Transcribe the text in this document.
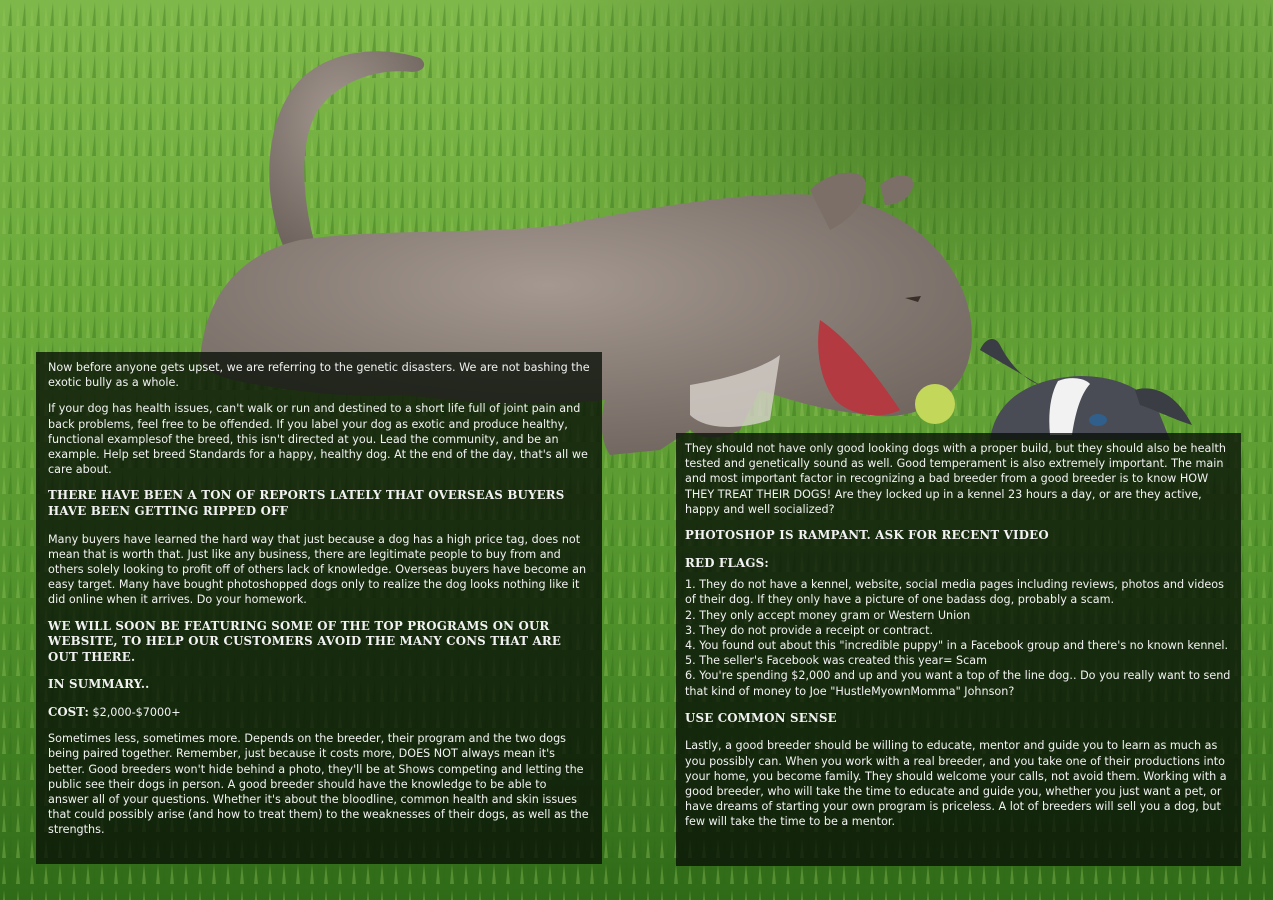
Now before anyone gets upset, we are referring to the genetic disasters. We are not bashing the exotic bully as a whole.

If your dog has health issues, can't walk or run and destined to a short life full of joint pain and back problems, feel free to be offended. If you label your dog as exotic and produce healthy, functional examplesof the breed, this isn't directed at you. Lead the community, and be an example. Help set breed Standards for a happy, healthy dog. At the end of the day, that's all we care about.

THERE HAVE BEEN A TON OF REPORTS LATELY THAT OVERSEAS BUYERS HAVE BEEN GETTING RIPPED OFF

Many buyers have learned the hard way that just because a dog has a high price tag, does not mean that is worth that. Just like any business, there are legitimate people to buy from and others solely looking to profit off of others lack of knowledge. Overseas buyers have become an easy target. Many have bought photoshopped dogs only to realize the dog looks nothing like it did online when it arrives. Do your homework.

WE WILL SOON BE FEATURING SOME OF THE TOP PROGRAMS ON OUR WEBSITE, TO HELP OUR CUSTOMERS AVOID THE MANY CONS THAT ARE OUT THERE.

IN SUMMARY..

COST: $2,000-$7000+

Sometimes less, sometimes more. Depends on the breeder, their program and the two dogs being paired together. Remember, just because it costs more, DOES NOT always mean it's better. Good breeders won't hide behind a photo, they'll be at Shows competing and letting the public see their dogs in person. A good breeder should have the knowledge to be able to answer all of your questions. Whether it's about the bloodline, common health and skin issues that could possibly arise (and how to treat them) to the weaknesses of their dogs, as well as the strengths.

They should not have only good looking dogs with a proper build, but they should also be health tested and genetically sound as well. Good temperament is also extremely important. The main and most important factor in recognizing a bad breeder from a good breeder is to know HOW THEY TREAT THEIR DOGS! Are they locked up in a kennel 23 hours a day, or are they active, happy and well socialized?

PHOTOSHOP IS RAMPANT. ASK FOR RECENT VIDEO

RED FLAGS:

1. They do not have a kennel, website, social media pages including reviews, photos and videos of their dog. If they only have a picture of one badass dog, probably a scam.
2. They only accept money gram or Western Union
3. They do not provide a receipt or contract.
4. You found out about this "incredible puppy" in a Facebook group and there's no known kennel.
5. The seller's Facebook was created this year= Scam
6. You're spending $2,000 and up and you want a top of the line dog.. Do you really want to send that kind of money to Joe "HustleMyownMomma" Johnson?

USE COMMON SENSE

Lastly, a good breeder should be willing to educate, mentor and guide you to learn as much as you possibly can. When you work with a real breeder, and you take one of their productions into your home, you become family. They should welcome your calls, not avoid them. Working with a good breeder, who will take the time to educate and guide you, whether you just want a pet, or have dreams of starting your own program is priceless. A lot of breeders will sell you a dog, but few will take the time to be a mentor.
